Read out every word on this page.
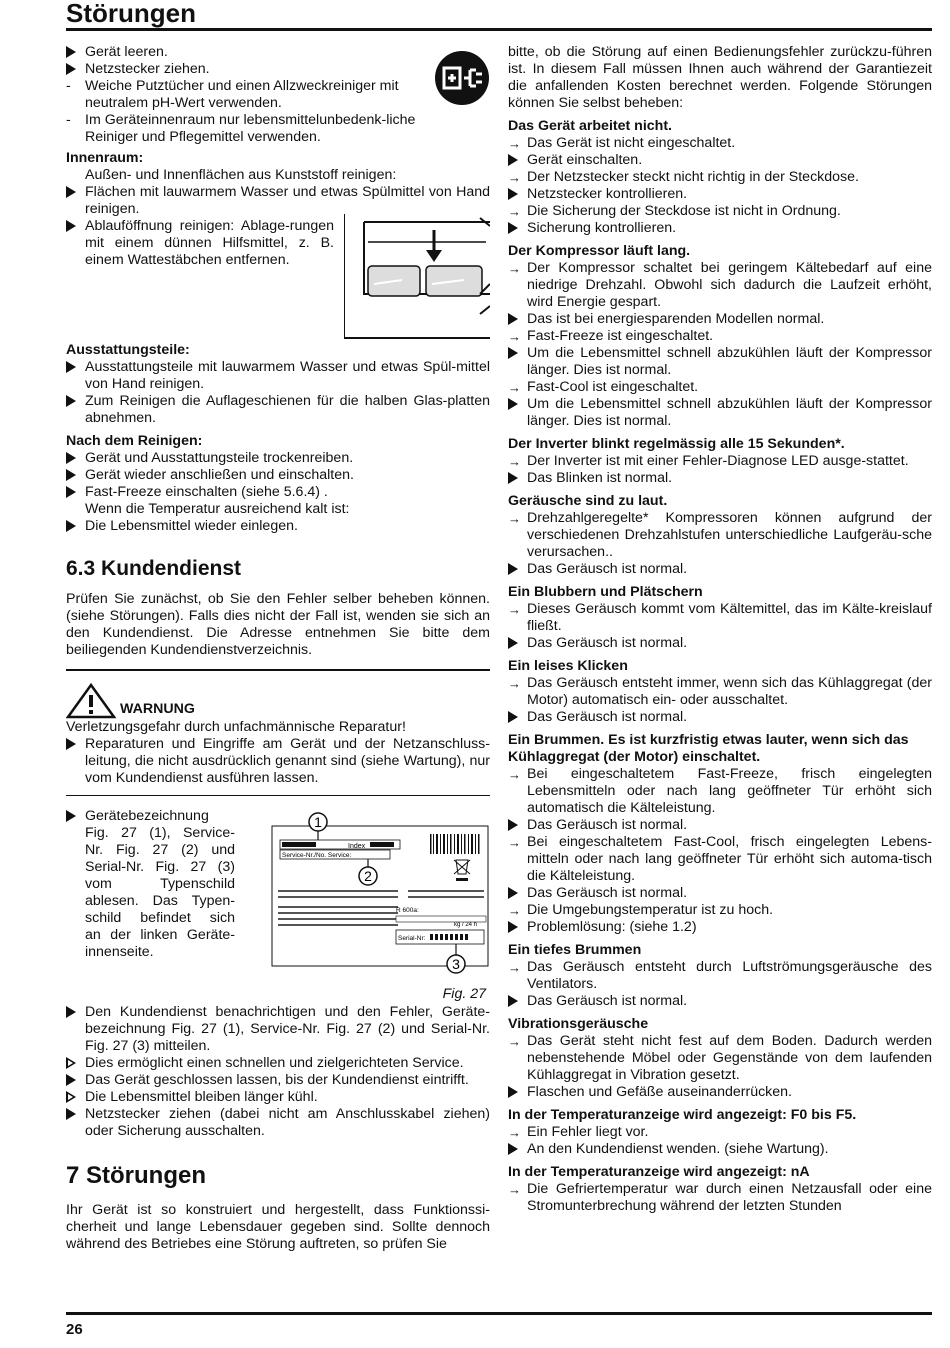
Störungen
Gerät leeren.
Netzstecker ziehen.
-	Weiche Putztücher und einen Allzweckreiniger mit neutralem pH-Wert verwenden.
-	Im Geräteinnenraum nur lebensmittelunbedenk-liche Reiniger und Pflegemittel verwenden.
Innenraum:
Außen- und Innenflächen aus Kunststoff reinigen:
Flächen mit lauwarmem Wasser und etwas Spülmittel von Hand reinigen.
Ablauföffnung reinigen: Ablage-rungen mit einem dünnen Hilfsmittel, z. B. einem Wattestäbchen entfernen.
Ausstattungsteile:
Ausstattungsteile mit lauwarmem Wasser und etwas Spül-mittel von Hand reinigen.
Zum Reinigen die Auflageschienen für die halben Glas-platten abnehmen.
Nach dem Reinigen:
Gerät und Ausstattungsteile trockenreiben.
Gerät wieder anschließen und einschalten.
Fast-Freeze einschalten (siehe 5.6.4) .
Wenn die Temperatur ausreichend kalt ist:
Die Lebensmittel wieder einlegen.
6.3 Kundendienst
Prüfen Sie zunächst, ob Sie den Fehler selber beheben können. (siehe Störungen). Falls dies nicht der Fall ist, wenden sie sich an den Kundendienst. Die Adresse entnehmen Sie bitte dem beiliegenden Kundendienstverzeichnis.
WARNUNG
Verletzungsgefahr durch unfachmännische Reparatur!
Reparaturen und Eingriffe am Gerät und der Netzanschluss-leitung, die nicht ausdrücklich genannt sind (siehe Wartung), nur vom Kundendienst ausführen lassen.
Gerätebezeichnung
Fig. 27 (1), Service-
Nr. Fig. 27 (2) und
Serial-Nr. Fig. 27 (3)
vom Typenschild
ablesen. Das Typen-
schild befindet sich
an der linken Geräte-
innenseite.
1
Index
Service-Nr./No. Service:
2
R 600a:
kg / 24 h
Serial-Nr:
3
Fig. 27
Den Kundendienst benachrichtigen und den Fehler, Geräte-bezeichnung Fig. 27 (1), Service-Nr. Fig. 27 (2) und Serial-Nr. Fig. 27 (3) mitteilen.
Dies ermöglicht einen schnellen und zielgerichteten Service.
Das Gerät geschlossen lassen, bis der Kundendienst eintrifft.
Die Lebensmittel bleiben länger kühl.
Netzstecker ziehen (dabei nicht am Anschlusskabel ziehen) oder Sicherung ausschalten.
7 Störungen
Ihr Gerät ist so konstruiert und hergestellt, dass Funktionssi-cherheit und lange Lebensdauer gegeben sind. Sollte dennoch während des Betriebes eine Störung auftreten, so prüfen Sie
bitte, ob die Störung auf einen Bedienungsfehler zurückzu-führen ist. In diesem Fall müssen Ihnen auch während der Garantiezeit die anfallenden Kosten berechnet werden. Folgende Störungen können Sie selbst beheben:
Das Gerät arbeitet nicht.
→ Das Gerät ist nicht eingeschaltet.
Gerät einschalten.
→ Der Netzstecker steckt nicht richtig in der Steckdose.
Netzstecker kontrollieren.
→ Die Sicherung der Steckdose ist nicht in Ordnung.
Sicherung kontrollieren.
Der Kompressor läuft lang.
→ Der Kompressor schaltet bei geringem Kältebedarf auf eine niedrige Drehzahl. Obwohl sich dadurch die Laufzeit erhöht, wird Energie gespart.
Das ist bei energiesparenden Modellen normal.
→ Fast-Freeze ist eingeschaltet.
Um die Lebensmittel schnell abzukühlen läuft der Kompressor länger. Dies ist normal.
→ Fast-Cool ist eingeschaltet.
Um die Lebensmittel schnell abzukühlen läuft der Kompressor länger. Dies ist normal.
Der Inverter blinkt regelmässig alle 15 Sekunden*.
→ Der Inverter ist mit einer Fehler-Diagnose LED ausge-stattet.
Das Blinken ist normal.
Geräusche sind zu laut.
→ Drehzahlgeregelte* Kompressoren können aufgrund der verschiedenen Drehzahlstufen unterschiedliche Laufgeräu-sche verursachen..
Das Geräusch ist normal.
Ein Blubbern und Plätschern
→ Dieses Geräusch kommt vom Kältemittel, das im Kälte-kreislauf fließt.
Das Geräusch ist normal.
Ein leises Klicken
→ Das Geräusch entsteht immer, wenn sich das Kühlaggregat (der Motor) automatisch ein- oder ausschaltet.
Das Geräusch ist normal.
Ein Brummen. Es ist kurzfristig etwas lauter, wenn sich das Kühlaggregat (der Motor) einschaltet.
→ Bei eingeschaltetem Fast-Freeze, frisch eingelegten Lebensmitteln oder nach lang geöffneter Tür erhöht sich automatisch die Kälteleistung.
Das Geräusch ist normal.
→ Bei eingeschaltetem Fast-Cool, frisch eingelegten Lebens-mitteln oder nach lang geöffneter Tür erhöht sich automa-tisch die Kälteleistung.
Das Geräusch ist normal.
→ Die Umgebungstemperatur ist zu hoch.
Problemlösung: (siehe 1.2)
Ein tiefes Brummen
→ Das Geräusch entsteht durch Luftströmungsgeräusche des Ventilators.
Das Geräusch ist normal.
Vibrationsgeräusche
→ Das Gerät steht nicht fest auf dem Boden. Dadurch werden nebenstehende Möbel oder Gegenstände von dem laufenden Kühlaggregat in Vibration gesetzt.
Flaschen und Gefäße auseinanderrücken.
In der Temperaturanzeige wird angezeigt: F0 bis F5.
→ Ein Fehler liegt vor.
An den Kundendienst wenden. (siehe Wartung).
In der Temperaturanzeige wird angezeigt: nA
→ Die Gefriertemperatur war durch einen Netzausfall oder eine Stromunterbrechung während der letzten Stunden
26
